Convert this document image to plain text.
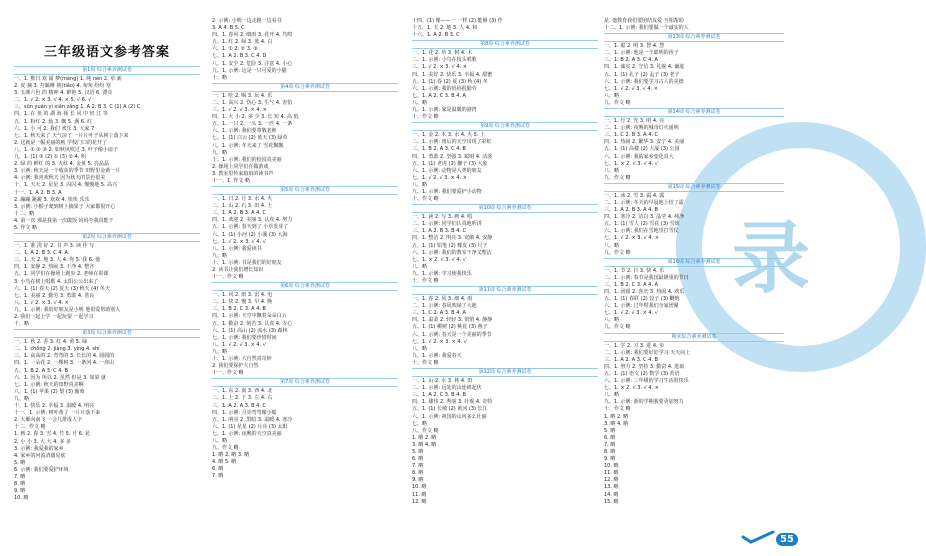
录
三年级语文参考答案
第1周 综合素养测试卷
一、1. 默日 欢 闻 梦(mèng) 1. 纯 nèn 2. 草 新
2. 皮 摘 3. 打瞌睡 挑(tiǎo) 4. 匆匆 纷纷 寒
3. 五颜六色 的 精神 4. 鲜艳 5. 汉语 6. 漂亮
二、1. √ 2. × 3. √ 4. × 5. √ 6. √
三、sūn yuán yì xiàn zǎng 1. A 2. B 3. C (1) A (2) C
四、1. 在 鱼 的 湖 海 扬 长 风 中 轻 江 等
五、1. 粉红 2. 灿 3. 飘 5. 满 6. 红
六、1. 小 可 2. 我们 欢乐 3. 大家 7
七、1. 秋天来了 天气凉了 一片片叶子从树上落下来
2. 这就是一幅美丽的画 学校门口的花开了
八、1. ① ② ③ 2. 如秋风吹过 3. 叶子像小扇子
九、1. (1) ③ (2) ① (3) ② 4. 明
2. 绿 的 鲜红 的 3. 火红 4. 金黄 5. 亮晶晶
3. 示例: 秋天是一个收获的季节 田野里金黄一片
4. 示例: 我喜欢秋天 因为秋天的景色很美
十、1. 天天 2. 星星 3. 闪闪 4. 慢慢地 5. 高兴
十一、1. A 2. B 3. A
2. 蹦蹦 跳跳 3. 欢欢 4. 快快 乐乐
3. 示例: 小猴子爬到树上摘果子 大家都很开心
十二、略
4. 第一次 那是我第一次做饭 妈妈夸我真能干
5. 作文 略
第2周 综合素养测试卷
一、1. 准 洗 好 2. 书 声 3. 读 作 写
二、1. A 2. B 3. C 4. A
三、1. 天 2. 地 3. 人 4. 你 5. 我 6. 他
四、1. 安静 2. 热闹 3. 干净 4. 整齐
五、1. 同学们在操场上跑步 2. 老师在讲课
3. 小鸟在树上唱歌 4. 太阳公公出来了
六、1. (1) 春天 (2) 夏天 (3) 秋天 (4) 冬天
七、1. 美丽 2. 勤劳 3. 勇敢 4. 善良
八、1. √ 2. × 3. √ 4. ×
九、1. 示例: 我的好朋友是小明 他很爱帮助别人
2. 我们一起上学 一起玩耍 一起学习
十、略
第3周 综合素养测试卷
一、1. 秋 2. 香 3. 红 4. 黄 5. 绿
二、1. chōng 2. jiàng 3. yìng 4. shí
三、1. 高高的 2. 弯弯的 3. 长长的 4. 圆圆的
四、1. 一朵花 2. 一棵树 3. 一条河 4. 一座山
五、1. B 2. A 3. C 4. B
六、1. 因为 所以 2. 虽然 但是 3. 如果 就
七、1. 示例: 秋天的田野真美啊
八、1. (1) 苹果 (2) 梨 (3) 葡萄
九、略
十、1. 快乐 2. 幸福 3. 温暖 4. 明亮
十一、1. 示例: 树叶黄了 一片片落下来
2. 大雁向南飞 一会儿排成人字
十二、作文 略
1. 画 2. 春 3. 雪 4. 竹 5. 月 6. 花
2. 小 小 3. 大 大 4. 多 多
3. 示例: 我爱我的家乡
4. 家乡的河流清澈见底
5. 略
6. 示例: 我们要爱护环境
7. 略
8. 略
9. 略
10. 略
2. 示例: 小明一边走路一边看书
3. A 4. B 5. C
四、1. 春风 2. 细雨 3. 花开 4. 鸟鸣
五、1. 红 2. 绿 3. 蓝 4. 白
六、1. ① 2. ② 3. ③
七、1. A 2. B 3. C 4. D
八、1. 安全 2. 危险 3. 注意 4. 小心
九、1. 示例: 这是一只可爱的小猫
十、略
第4周 综合素养测试卷
一、1. 吃 2. 喝 3. 玩 4. 乐
二、1. 高兴 2. 伤心 3. 生气 4. 害怕
三、1. √ 2. √ 3. × 4. ×
四、1. 大 小 2. 多 少 3. 长 短 4. 高 低
五、1. 一只 2. 一头 3. 一匹 4. 一条
六、1. 示例: 我们要尊敬老师
七、1. (1) 白云 (2) 蓝天 (3) 绿草
八、1. 示例: 冬天来了 雪花飘飘
九、略
十、1. 示例: 我们的校园真美丽
2. 操场上同学们在做游戏
3. 教室里传来琅琅的读书声
十一、1. 作文 略
第5周 综合素养测试卷
一、1. 日 2. 月 3. 水 4. 火
二、1. 山 2. 石 3. 田 4. 土
三、1. A 2. B 3. A 4. C
四、1. 欢迎 2. 美丽 3. 认真 4. 努力
五、1. 示例: 春天到了 小草发芽了
六、1. (1) 小河 (2) 小溪 (3) 大海
七、1. √ 2. × 3. √ 4. √
八、1. 示例: 我爱读书
九、略
十、1. 示例: 书是我们的好朋友
2. 读书让我们增长知识
十一、作文 略
第6周 综合素养测试卷
一、1. 风 2. 雨 3. 雷 4. 电
二、1. 快 2. 慢 3. 早 4. 晚
三、1. B 2. C 3. A 4. B
四、1. 示例: 天空中飘着朵朵白云
五、1. 勤奋 2. 刻苦 3. 认真 4. 专心
六、1. (1) 高山 (2) 流水 (3) 森林
七、1. 示例: 我们要珍惜时间
八、1. √ 2. √ 3. × 4. √
九、略
十、1. 示例: 大自然真奇妙
2. 我们要保护大自然
十一、作文 略
第7周 综合素养测试卷
一、1. 东 2. 南 3. 西 4. 北
二、1. 上 2. 下 3. 左 4. 右
三、1. A 2. A 3. B 4. C
四、1. 示例: 月亮弯弯像小船
五、1. 明亮 2. 黑暗 3. 温暖 4. 寒冷
六、1. (1) 星星 (2) 月亮 (3) 太阳
七、1. 示例: 夜晚的天空真美丽
八、略
九、作文 略
1. 略 2. 略 3. 略
4. 略 5. 略
6. 略
7. 略
十四、(1) 像——一 一样 (2) 能够 (3) 作
十五、1. 天 2. 地 3. 人 4. 和
十六、1. A 2. B 3. C
第8周 综合素养测试卷
一、1. 花 2. 草 3. 树 4. 木
二、1. 示例: 小鸟在枝头唱歌
三、1. √ 2. × 3. √ 4. ×
四、1. 美好 2. 快乐 3. 幸福 4. 甜蜜
五、1. (1) 春 (2) 夏 (3) 秋 (4) 冬
六、1. 示例: 我的妈妈很勤劳
七、1. A 2. C 3. B 4. A
八、略
九、1. 示例: 家是温暖的港湾
十、作文 略
第9周 综合素养测试卷
一、1. 金 2. 木 3. 水 4. 火 5. 土
二、1. 示例: 雨后的天空出现了彩虹
三、1. B 2. A 3. C 4. B
四、1. 勇敢 2. 坚强 3. 聪明 4. 活泼
五、1. (1) 老虎 (2) 狮子 (3) 大象
六、1. 示例: 动物是人类的朋友
七、1. √ 2. √ 3. × 4. ×
八、略
九、1. 示例: 我们要爱护小动物
十、作文 略
第10周 综合素养测试卷
一、1. 读 2. 写 3. 画 4. 唱
二、1. 示例: 同学们认真地听讲
三、1. A 2. B 3. B 4. C
四、1. 整洁 2. 明亮 3. 宽敞 4. 安静
五、1. (1) 铅笔 (2) 橡皮 (3) 尺子
六、1. 示例: 我们的教室干净又整洁
七、1. × 2. √ 3. √ 4. √
八、略
九、1. 示例: 学习使我快乐
十、作文 略
第11周 综合素养测试卷
一、1. 春 2. 风 3. 细 4. 雨
二、1. 示例: 春风吹绿了大地
三、1. C 2. A 3. B 4. A
四、1. 温柔 2. 轻轻 3. 悄悄 4. 静静
五、1. (1) 柳树 (2) 桃花 (3) 燕子
六、1. 示例: 春天是一个美丽的季节
七、1. √ 2. × 3. × 4. √
八、略
九、1. 示例: 我爱春天
十、作文 略
第12周 综合素养测试卷
一、1. 山 2. 水 3. 林 4. 田
二、1. 示例: 远处的山连绵起伏
三、1. A 2. C 3. B 4. B
四、1. 雄伟 2. 秀丽 3. 壮观 4. 奇特
五、1. (1) 长城 (2) 黄河 (3) 长江
六、1. 示例: 祖国的山河多么壮丽
七、略
八、作文 略
1. 略 2. 略
3. 略 4. 略
5. 略
6. 略
7. 略
8. 略
9. 略
10. 略
11. 略
12. 略
是, 他教育我们要团结友爱 互相帮助
十二、1. 示例: 我们要做一个诚实的人
第13周 综合素养测试卷
一、1. 聪 2. 明 3. 智 4. 慧
二、1. 示例: 他是一个聪明的孩子
三、1. B 2. A 3. C 4. A
四、1. 诚实 2. 守信 3. 礼貌 4. 谦虚
五、1. (1) 孔子 (2) 孟子 (3) 老子
六、1. 示例: 我们要学习古人的美德
七、1. √ 2. √ 3. √ 4. ×
八、略
九、作文 略
第14周 综合素养测试卷
一、1. 灯 2. 光 3. 明 4. 亮
二、1. 示例: 夜晚的城市灯火通明
三、1. C 2. B 3. A 4. C
四、1. 热闹 2. 繁华 3. 安宁 4. 美丽
五、1. (1) 高楼 (2) 大厦 (3) 公园
六、1. 示例: 我的家乡变化真大
七、1. × 2. √ 3. √ 4. √
八、略
九、作文 略
第15周 综合素养测试卷
一、1. 冰 2. 雪 3. 霜 4. 露
二、1. 示例: 冬天的早晨地上结了霜
三、1. A 2. B 3. A 4. B
四、1. 寒冷 2. 洁白 3. 晶莹 4. 纯净
五、1. (1) 雪人 (2) 雪花 (3) 雪球
六、1. 示例: 我们在雪地里打雪仗
七、1. √ 2. × 3. √ 4. ×
八、略
九、作文 略
第16周 综合素养测试卷
一、1. 节 2. 日 3. 快 4. 乐
二、1. 示例: 春节是我国最隆重的节日
三、1. B 2. C 3. A 4. A
四、1. 团圆 2. 喜庆 3. 热闹 4. 欢乐
五、1. (1) 春联 (2) 饺子 (3) 鞭炮
六、1. 示例: 过年时我们全家团聚
七、1. √ 2. √ 3. × 4. √
八、略
九、作文 略
期末综合素养测试卷
一、1. 学 2. 习 3. 进 4. 步
二、1. 示例: 我们要好好学习 天天向上
三、1. A 2. A 3. C 4. B
四、1. 努力 2. 坚持 3. 勤奋 4. 进取
五、1. (1) 语文 (2) 数学 (3) 英语
六、1. 示例: 三年级的学习生活很快乐
七、1. × 2. √ 3. √ 4. ×
八、略
九、1. 示例: 新的学期我要更加努力
十、作文 略
1. 略 2. 略
3. 略 4. 略
5. 略
6. 略
7. 略
8. 略
9. 略
10. 略
11. 略
12. 略
13. 略
14. 略
15. 略
55
